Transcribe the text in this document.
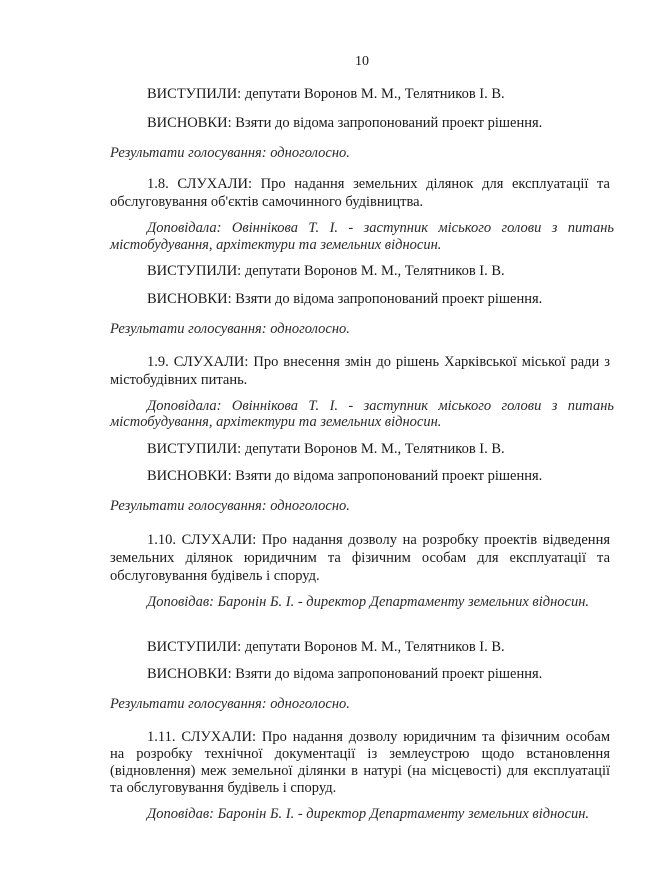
10
ВИСТУПИЛИ: депутати Воронов М. М., Телятников І. В.
ВИСНОВКИ: Взяти до відома запропонований проект рішення.
Результати голосування: одноголосно.
1.8. СЛУХАЛИ: Про надання земельних ділянок для експлуатації та
обслуговування об'єктів самочинного будівництва.
Доповідала: Овіннікова Т. І. - заступник міського голови з питань
містобудування, архітектури та земельних відносин.
ВИСТУПИЛИ: депутати Воронов М. М., Телятников І. В.
ВИСНОВКИ: Взяти до відома запропонований проект рішення.
Результати голосування: одноголосно.
1.9. СЛУХАЛИ: Про внесення змін до рішень Харківської міської ради з
містобудівних питань.
Доповідала: Овіннікова Т. І. - заступник міського голови з питань
містобудування, архітектури та земельних відносин.
ВИСТУПИЛИ: депутати Воронов М. М., Телятников І. В.
ВИСНОВКИ: Взяти до відома запропонований проект рішення.
Результати голосування: одноголосно.
1.10. СЛУХАЛИ: Про надання дозволу на розробку проектів відведення
земельних ділянок юридичним та фізичним особам для експлуатації та
обслуговування будівель і споруд.
Доповідав: Баронін Б. І. - директор Департаменту земельних відносин.
ВИСТУПИЛИ: депутати Воронов М. М., Телятников І. В.
ВИСНОВКИ: Взяти до відома запропонований проект рішення.
Результати голосування: одноголосно.
1.11. СЛУХАЛИ: Про надання дозволу юридичним та фізичним особам
на розробку технічної документації із землеустрою щодо встановлення
(відновлення) меж земельної ділянки в натурі (на місцевості) для експлуатації
та обслуговування будівель і споруд.
Доповідав: Баронін Б. І. - директор Департаменту земельних відносин.
